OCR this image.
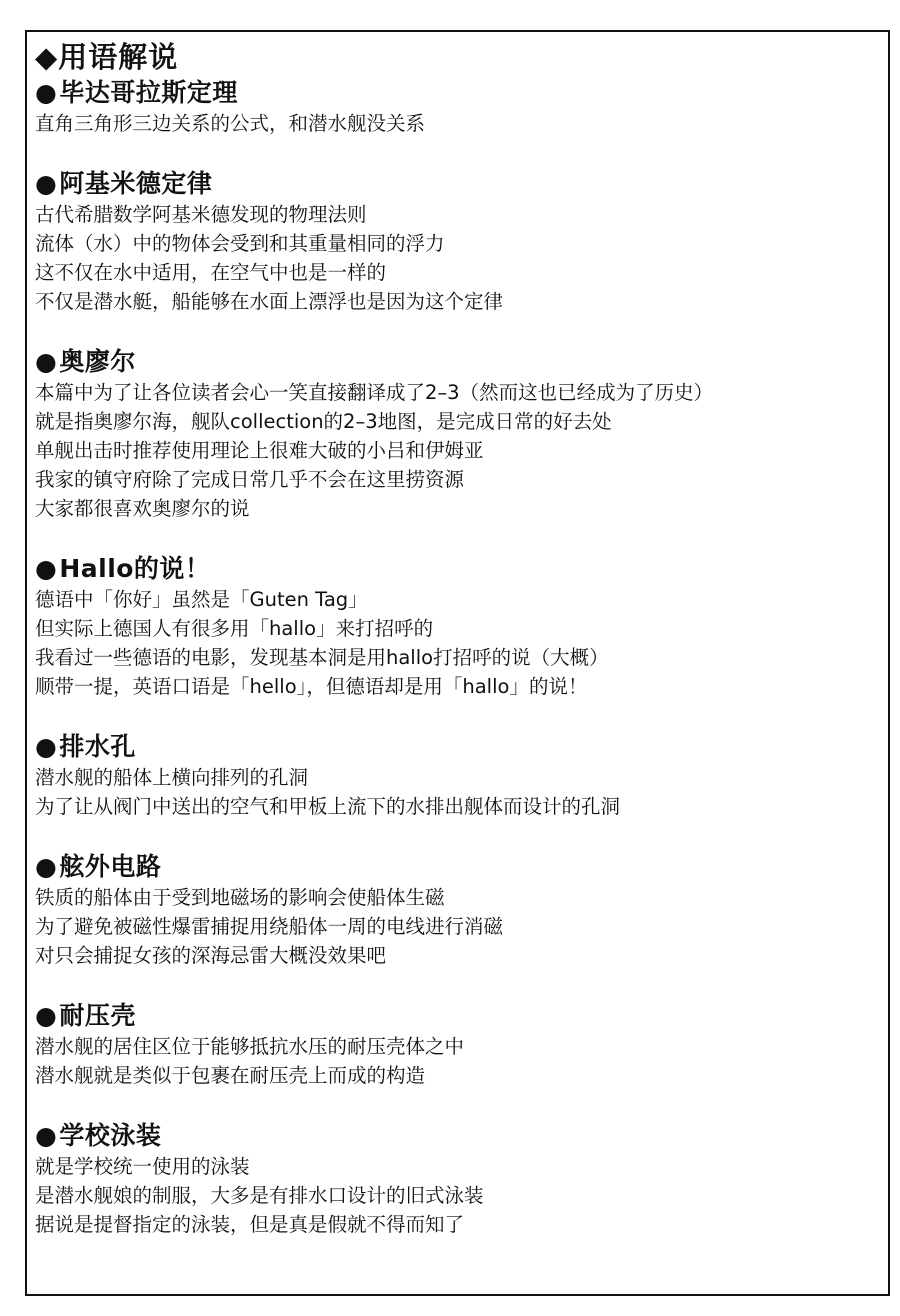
◆用语解说
●毕达哥拉斯定理
直角三角形三边关系的公式，和潜水舰没关系
●阿基米德定律
古代希腊数学阿基米德发现的物理法则
流体（水）中的物体会受到和其重量相同的浮力
这不仅在水中适用，在空气中也是一样的
不仅是潜水艇，船能够在水面上漂浮也是因为这个定律
●奥廖尔
本篇中为了让各位读者会心一笑直接翻译成了2–3（然而这也已经成为了历史）
就是指奥廖尔海，舰队collection的2–3地图，是完成日常的好去处
单舰出击时推荐使用理论上很难大破的小吕和伊姆亚
我家的镇守府除了完成日常几乎不会在这里捞资源
大家都很喜欢奥廖尔的说
●Hallo的说！
德语中「你好」虽然是「Guten Tag」
但实际上德国人有很多用「hallo」来打招呼的
我看过一些德语的电影，发现基本洞是用hallo打招呼的说（大概）
顺带一提，英语口语是「hello」，但德语却是用「hallo」的说！
●排水孔
潜水舰的船体上横向排列的孔洞
为了让从阀门中送出的空气和甲板上流下的水排出舰体而设计的孔洞
●舷外电路
铁质的船体由于受到地磁场的影响会使船体生磁
为了避免被磁性爆雷捕捉用绕船体一周的电线进行消磁
对只会捕捉女孩的深海忌雷大概没效果吧
●耐压壳
潜水舰的居住区位于能够抵抗水压的耐压壳体之中
潜水舰就是类似于包裹在耐压壳上而成的构造
●学校泳装
就是学校统一使用的泳装
是潜水舰娘的制服，大多是有排水口设计的旧式泳装
据说是提督指定的泳装，但是真是假就不得而知了
